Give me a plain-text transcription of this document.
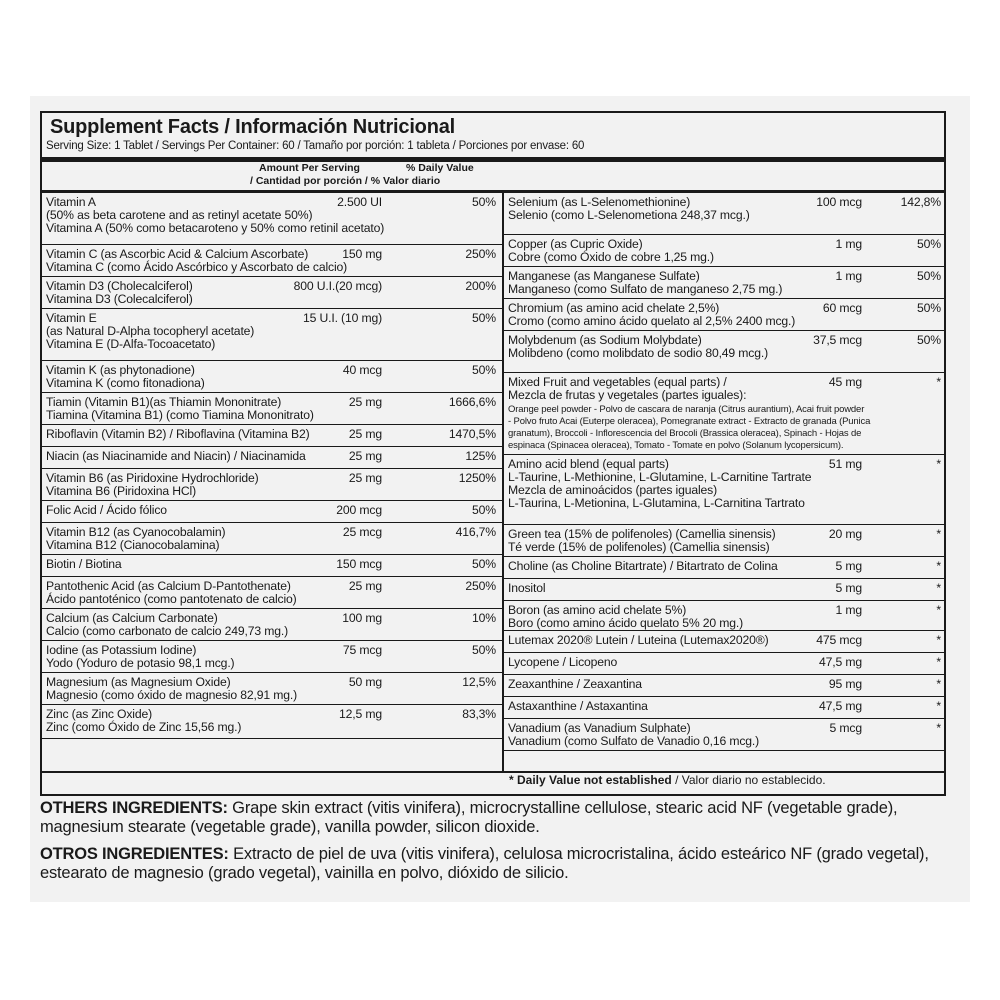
Supplement Facts / Información Nutricional
Serving Size: 1 Tablet / Servings Per Container: 60 / Tamaño por porción: 1 tableta / Porciones por envase: 60
Amount Per Serving	% Daily Value
/ Cantidad por porción / % Valor diario
Vitamin A
(50% as beta carotene and as retinyl acetate 50%)
Vitamina A (50% como betacaroteno y 50% como retinil acetato)
2.500 UI	50%
Vitamin C (as Ascorbic Acid & Calcium Ascorbate)
Vitamina C (como Ácido Ascórbico y Ascorbato de calcio)
150 mg	250%
Vitamin D3 (Cholecalciferol)
Vitamina D3 (Colecalciferol)
800 U.I.(20 mcg)	200%
Vitamin E
(as Natural D-Alpha tocopheryl acetate)
Vitamina E (D-Alfa-Tocoacetato)
15 U.I. (10 mg)	50%
Vitamin K (as phytonadione)
Vitamina K (como fitonadiona)
40 mcg	50%
Tiamin (Vitamin B1)(as Thiamin Mononitrate)
Tiamina (Vitamina B1) (como Tiamina Mononitrato)
25 mg	1666,6%
Riboflavin (Vitamin B2) / Riboflavina (Vitamina B2)	25 mg	1470,5%
Niacin (as Niacinamide and Niacin) / Niacinamida	25 mg	125%
Vitamin B6 (as Piridoxine Hydrochloride)
Vitamina B6 (Piridoxina HCl)
25 mg	1250%
Folic Acid / Ácido fólico	200 mcg	50%
Vitamin B12 (as Cyanocobalamin)
Vitamina B12 (Cianocobalamina)
25 mcg	416,7%
Biotin / Biotina	150 mcg	50%
Pantothenic Acid (as Calcium D-Pantothenate)
Ácido pantoténico (como pantotenato de calcio)
25 mg	250%
Calcium (as Calcium Carbonate)
Calcio (como carbonato de calcio 249,73 mg.)
100 mg	10%
Iodine (as Potassium Iodine)
Yodo (Yoduro de potasio 98,1 mcg.)
75 mcg	50%
Magnesium (as Magnesium Oxide)
Magnesio (como óxido de magnesio 82,91 mg.)
50 mg	12,5%
Zinc (as Zinc Oxide)
Zinc (como Óxido de Zinc 15,56 mg.)
12,5 mg	83,3%
Selenium (as L-Selenomethionine)
Selenio (como L-Selenometiona 248,37 mcg.)
100 mcg	142,8%
Copper (as Cupric Oxide)
Cobre (como Óxido de cobre 1,25 mg.)
1 mg	50%
Manganese (as Manganese Sulfate)
Manganeso (como Sulfato de manganeso 2,75 mg.)
1 mg	50%
Chromium (as amino acid chelate 2,5%)
Cromo (como amino ácido quelato al 2,5% 2400 mcg.)
60 mcg	50%
Molybdenum (as Sodium Molybdate)
Molibdeno (como molibdato de sodio 80,49 mcg.)
37,5 mcg	50%
Mixed Fruit and vegetables (equal parts) /
Mezcla de frutas y vegetales (partes iguales):
Orange peel powder - Polvo de cascara de naranja (Citrus aurantium), Acai fruit powder
- Polvo fruto Acai (Euterpe oleracea), Pomegranate extract - Extracto de granada (Punica
granatum), Broccoli - Inflorescencia del Brocoli (Brassica oleracea), Spinach - Hojas de
espinaca (Spinacea oleracea), Tomato - Tomate en polvo (Solanum lycopersicum).
45 mg	*
Amino acid blend (equal parts)
L-Taurine, L-Methionine, L-Glutamine, L-Carnitine Tartrate
Mezcla de aminoácidos (partes iguales)
L-Taurina, L-Metionina, L-Glutamina, L-Carnitina Tartrato
51 mg	*
Green tea (15% de polifenoles) (Camellia sinensis)
Té verde (15% de polifenoles) (Camellia sinensis)
20 mg	*
Choline (as Choline Bitartrate) / Bitartrato de Colina	5 mg	*
Inositol	5 mg	*
Boron (as amino acid chelate 5%)
Boro (como amino ácido quelato 5% 20 mg.)
1 mg	*
Lutemax 2020® Lutein / Luteina (Lutemax2020®)	475 mcg	*
Lycopene / Licopeno	47,5 mg	*
Zeaxanthine / Zeaxantina	95 mg	*
Astaxanthine / Astaxantina	47,5 mg	*
Vanadium (as Vanadium Sulphate)
Vanadium (como Sulfato de Vanadio 0,16 mcg.)
5 mcg	*
* Daily Value not established / Valor diario no establecido.
OTHERS INGREDIENTS: Grape skin extract (vitis vinifera), microcrystalline cellulose, stearic acid NF (vegetable grade), magnesium stearate (vegetable grade), vanilla powder, silicon dioxide.
OTROS INGREDIENTES: Extracto de piel de uva (vitis vinifera), celulosa microcristalina, ácido esteárico NF (grado vegetal), estearato de magnesio (grado vegetal), vainilla en polvo, dióxido de silicio.
